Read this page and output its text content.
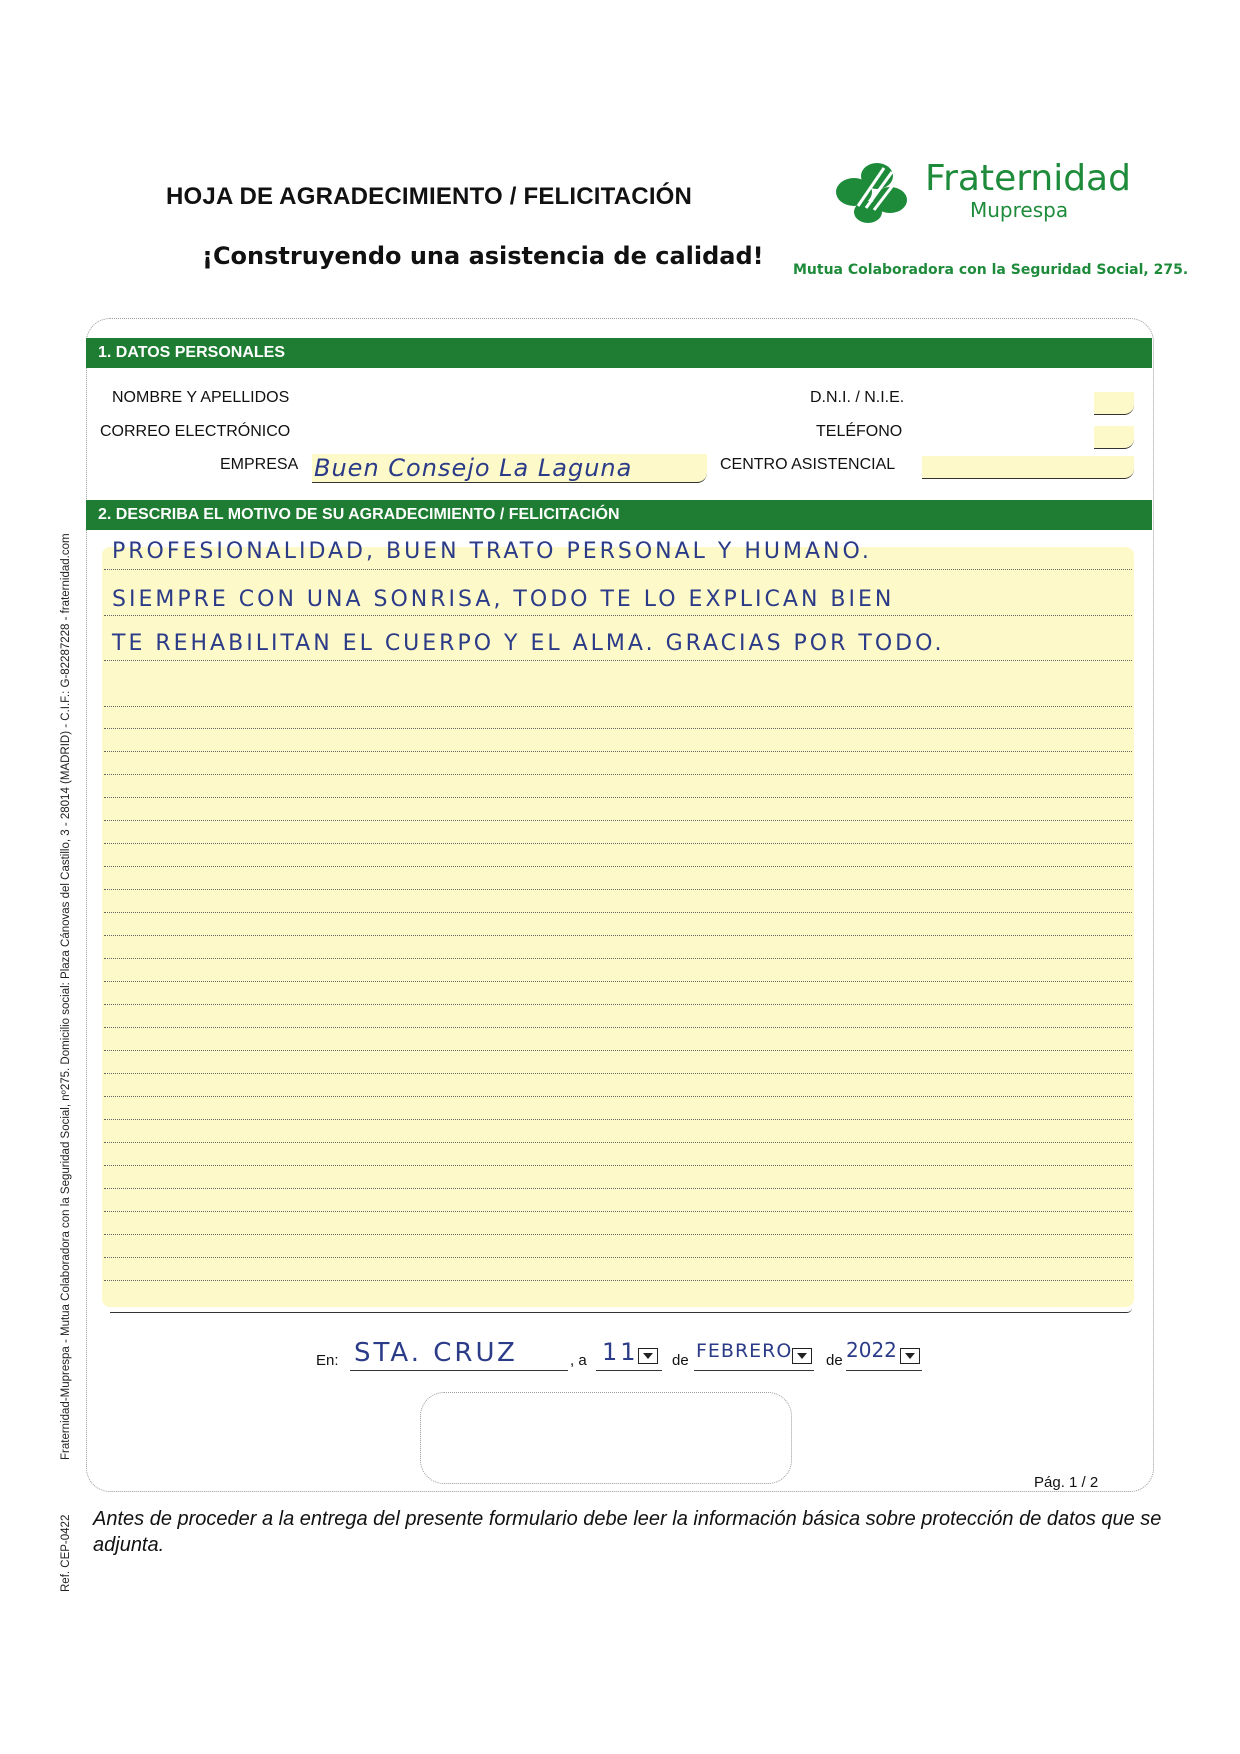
HOJA DE AGRADECIMIENTO / FELICITACIÓN
¡Construyendo una asistencia de calidad!
Fraternidad
Muprespa
Mutua Colaboradora con la Seguridad Social, 275.
Fraternidad-Muprespa - Mutua Colaboradora con la Seguridad Social, nº275. Domicilio social: Plaza Cánovas del Castillo, 3 - 28014 (MADRID) - C.I.F.: G-82287228 - fraternidad.com
Ref. CEP-0422
1. DATOS PERSONALES
NOMBRE Y APELLIDOS	D.N.I. / N.I.E.
CORREO ELECTRÓNICO	TELÉFONO
EMPRESA Buen Consejo La Laguna	CENTRO ASISTENCIAL
2. DESCRIBA EL MOTIVO DE SU AGRADECIMIENTO / FELICITACIÓN
PROFESIONALIDAD, BUEN TRATO PERSONAL Y HUMANO.
SIEMPRE CON UNA SONRISA, TODO TE LO EXPLICAN BIEN
TE REHABILITAN EL CUERPO Y EL ALMA. GRACIAS POR TODO.
En: STA. CRUZ	, a 11 de FEBRERO de 2022
Pág. 1 / 2
Antes de proceder a la entrega del presente formulario debe leer la información básica sobre protección de datos que se adjunta.
